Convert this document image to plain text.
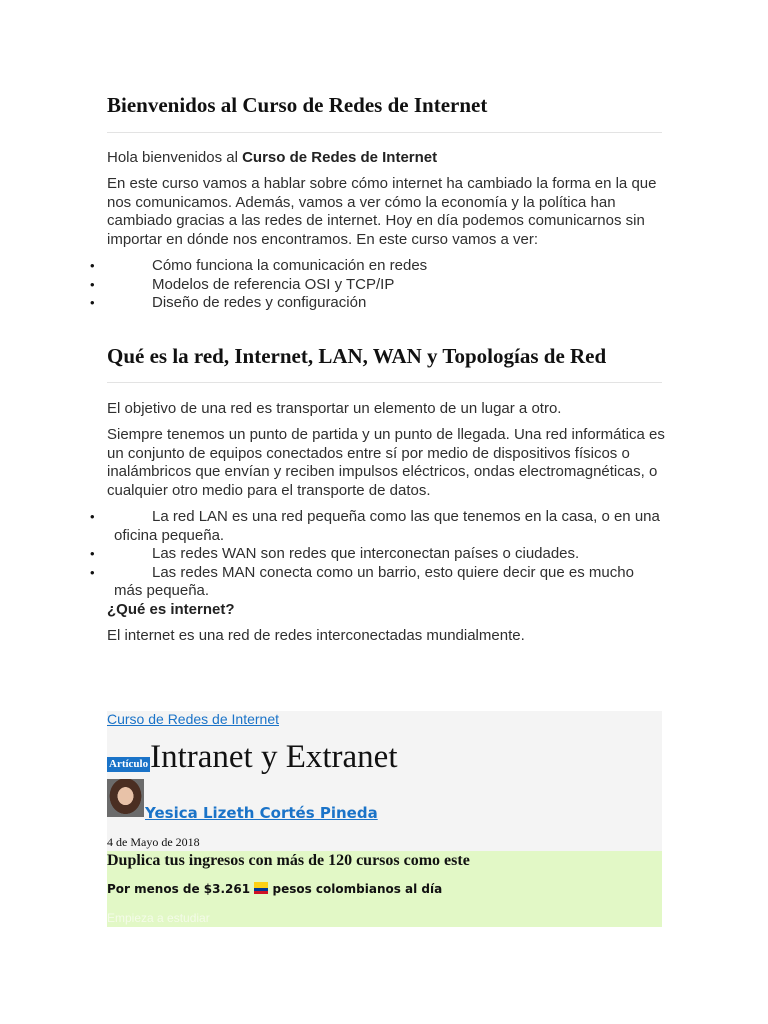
Bienvenidos al Curso de Redes de Internet

Hola bienvenidos al Curso de Redes de Internet

En este curso vamos a hablar sobre cómo internet ha cambiado la forma en la que
nos comunicamos. Además, vamos a ver cómo la economía y la política han
cambiado gracias a las redes de internet. Hoy en día podemos comunicarnos sin
importar en dónde nos encontramos. En este curso vamos a ver:
•	Cómo funciona la comunicación en redes
•	Modelos de referencia OSI y TCP/IP
•	Diseño de redes y configuración
Qué es la red, Internet, LAN, WAN y Topologías de Red
El objetivo de una red es transportar un elemento de un lugar a otro.
Siempre tenemos un punto de partida y un punto de llegada. Una red informática es
un conjunto de equipos conectados entre sí por medio de dispositivos físicos o
inalámbricos que envían y reciben impulsos eléctricos, ondas electromagnéticas, o
cualquier otro medio para el transporte de datos.
•	La red LAN es una red pequeña como las que tenemos en la casa, o en una
oficina pequeña.
•	Las redes WAN son redes que interconectan países o ciudades.
•	Las redes MAN conecta como un barrio, esto quiere decir que es mucho
más pequeña.
¿Qué es internet?
El internet es una red de redes interconectadas mundialmente.
Curso de Redes de Internet
ArtículoIntranet y Extranet
Yesica Lizeth Cortés Pineda
4 de Mayo de 2018
Duplica tus ingresos con más de 120 cursos como este
Por menos de $3.261 pesos colombianos al día
Empieza a estudiar
